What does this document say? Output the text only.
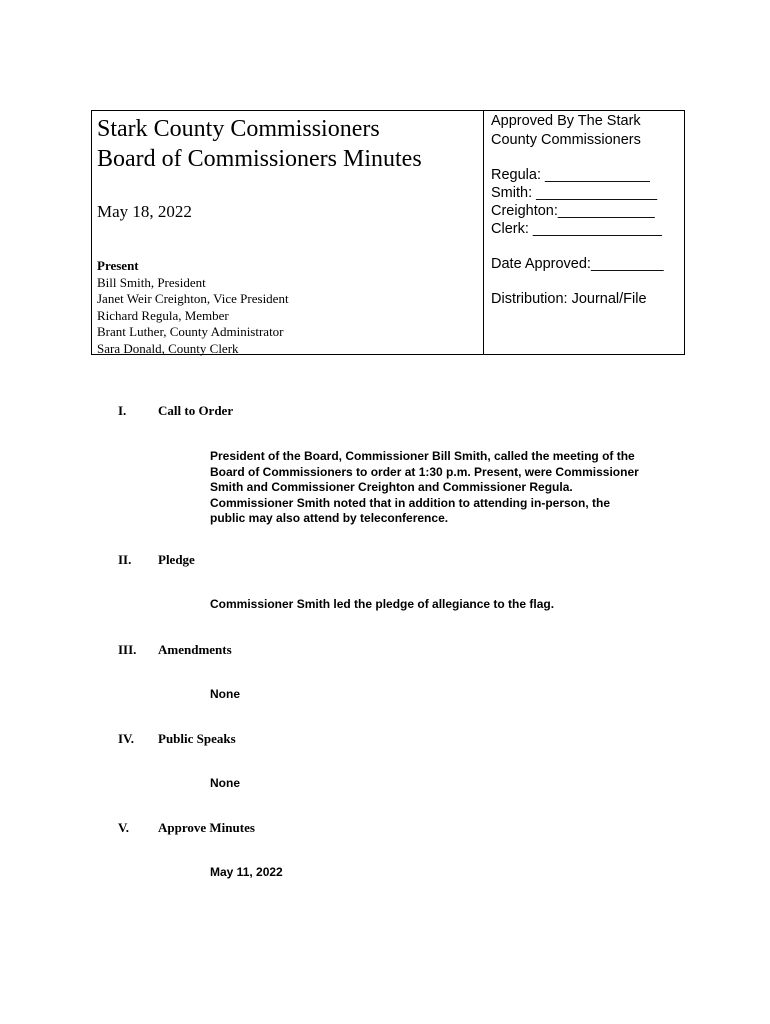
Stark County Commissioners
Board of Commissioners Minutes
May 18, 2022
Present
Bill Smith, President
Janet Weir Creighton, Vice President
Richard Regula, Member
Brant Luther, County Administrator
Sara Donald, County Clerk
Approved By The Stark
County Commissioners
Regula: _____________
Smith: _______________
Creighton:____________
Clerk: ________________
Date Approved:_________
Distribution: Journal/File
I. Call to Order
President of the Board, Commissioner Bill Smith, called the meeting of the
Board of Commissioners to order at 1:30 p.m. Present, were Commissioner
Smith and Commissioner Creighton and Commissioner Regula.
Commissioner Smith noted that in addition to attending in-person, the
public may also attend by teleconference.
II. Pledge
Commissioner Smith led the pledge of allegiance to the flag.
III. Amendments
None
IV. Public Speaks
None
V. Approve Minutes
May 11, 2022
